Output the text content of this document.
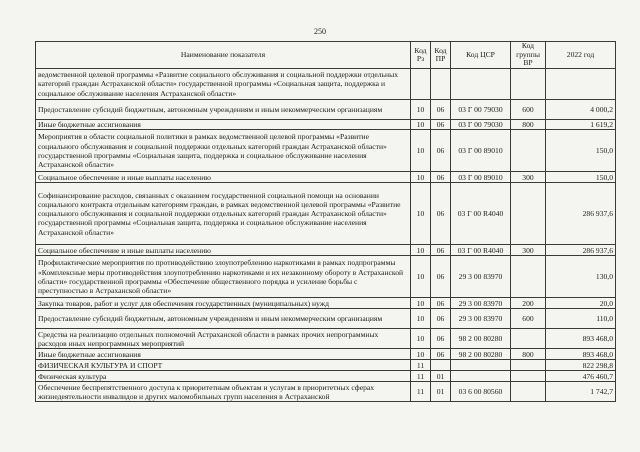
250
Наименование показателя	Код Рз	Код ПР	Код ЦСР	Код группы ВР	2022 год
ведомственной целевой программы «Развитие социального обслуживания и социальной поддержки отдельных категорий граждан Астраханской области» государственной программы «Социальная защита, поддержка и социальное обслуживание населения Астраханской области»					
Предоставление субсидий бюджетным, автономным учреждениям и иным некоммерческим организациям	10	06	03 Г 00 79030	600	4 000,2
Иные бюджетные ассигнования	10	06	03 Г 00 79030	800	1 619,2
Мероприятия в области социальной политики в рамках ведомственной целевой программы «Развитие социального обслуживания и социальной поддержки отдельных категорий граждан Астраханской области» государственной программы «Социальная защита, поддержка и социальное обслуживание населения Астраханской области»	10	06	03 Г 00 89010		150,0
Социальное обеспечение и иные выплаты населению	10	06	03 Г 00 89010	300	150,0
Софинансирование расходов, связанных с оказанием государственной социальной помощи на основании социального контракта отдельным категориям граждан, в рамках ведомственной целевой программы «Развитие социального обслуживания и социальной поддержки отдельных категорий граждан Астраханской области» государственной программы «Социальная защита, поддержка и социальное обслуживание населения Астраханской области»	10	06	03 Г 00 R4040		286 937,6
Социальное обеспечение и иные выплаты населению	10	06	03 Г 00 R4040	300	286 937,6
Профилактические мероприятия по противодействию злоупотреблению наркотиками в рамках подпрограммы «Комплексные меры противодействия злоупотреблению наркотиками и их незаконному обороту в Астраханской области» государственной программы «Обеспечение общественного порядка и усиление борьбы с преступностью в Астраханской области»	10	06	29 3 00 83970		130,0
Закупка товаров, работ и услуг для обеспечения государственных (муниципальных) нужд	10	06	29 3 00 83970	200	20,0
Предоставление субсидий бюджетным, автономным учреждениям и иным некоммерческим организациям	10	06	29 3 00 83970	600	110,0
Средства на реализацию отдельных полномочий Астраханской области в рамках прочих непрограммных расходов иных непрограммных мероприятий	10	06	98 2 00 80280		893 468,0
Иные бюджетные ассигнования	10	06	98 2 00 80280	800	893 468,0
ФИЗИЧЕСКАЯ КУЛЬТУРА И СПОРТ	11				822 298,8
Физическая культура	11	01			476 460,7
Обеспечение беспрепятственного доступа к приоритетным объектам и услугам в приоритетных сферах жизнедеятельности инвалидов и других маломобильных групп населения в Астраханской	11	01	03 6 00 80560		1 742,7
